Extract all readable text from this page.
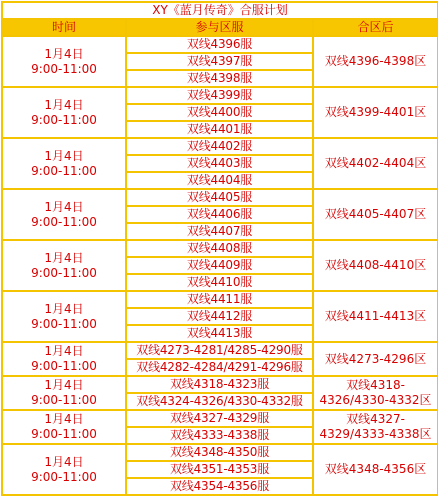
XY《蓝月传奇》合服计划		
时间	参与区服	合区后

1月4日
9:00-11:00	双线4396服	双线4396-4398区
	双线4397服	
	双线4398服	

1月4日
9:00-11:00	双线4399服	双线4399-4401区
	双线4400服	
	双线4401服	

1月4日
9:00-11:00	双线4402服	双线4402-4404区
	双线4403服	
	双线4404服	

1月4日
9:00-11:00	双线4405服	双线4405-4407区
	双线4406服	
	双线4407服	

1月4日
9:00-11:00	双线4408服	双线4408-4410区
	双线4409服	
	双线4410服	

1月4日
9:00-11:00	双线4411服	双线4411-4413区
	双线4412服	
	双线4413服	

1月4日
9:00-11:00	双线4273-4281/4285-4290服	双线4273-4296区
	双线4282-4284/4291-4296服	

1月4日
9:00-11:00	双线4318-4323服	双线4318-4326/4330-4332区
	双线4324-4326/4330-4332服	

1月4日
9:00-11:00	双线4327-4329服	双线4327-4329/4333-4338区
	双线4333-4338服	

1月4日
9:00-11:00	双线4348-4350服	双线4348-4356区
	双线4351-4353服	
	双线4354-4356服	
